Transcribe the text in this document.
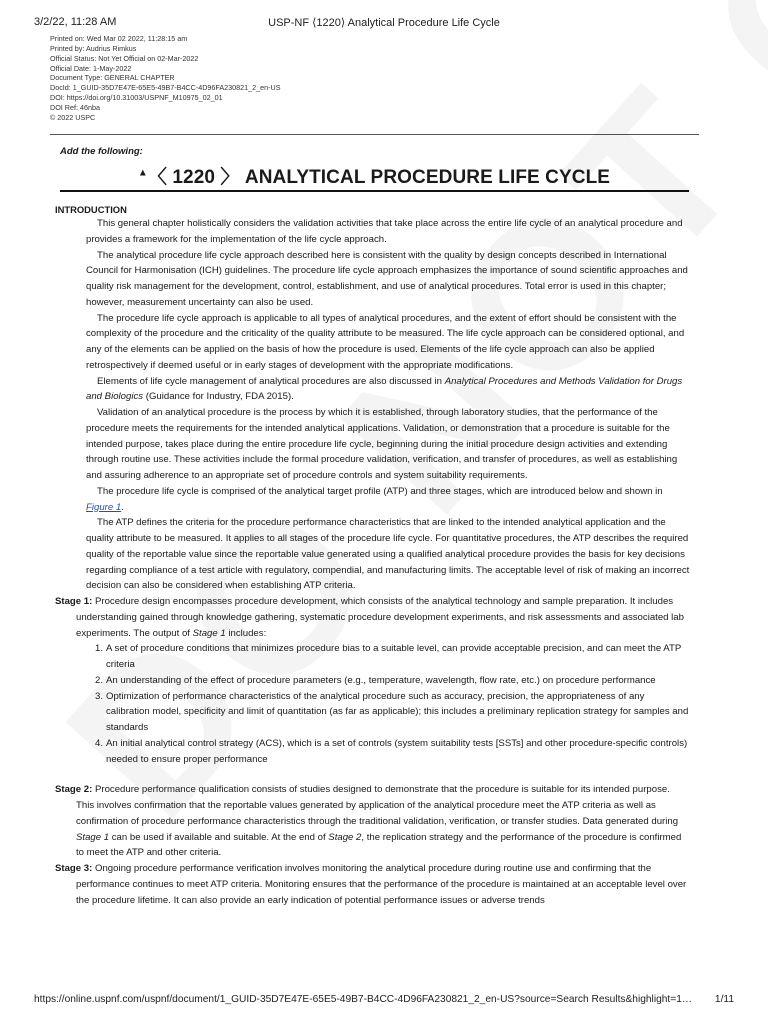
3/2/22, 11:28 AM	USP-NF ⟨1220⟩ Analytical Procedure Life Cycle
Printed on: Wed Mar 02 2022, 11:28:15 am
Printed by: Audrius Rimkus
Official Status: Not Yet Official on 02-Mar-2022
Official Date: 1-May-2022
Document Type: GENERAL CHAPTER
DocId: 1_GUID-35D7E47E-65E5-49B7-B4CC-4D96FA230821_2_en-US
DOI: https://doi.org/10.31003/USPNF_M10975_02_01
DOI Ref: 46nba
© 2022 USPC
Add the following:
▲〈 1220 〉 ANALYTICAL PROCEDURE LIFE CYCLE
INTRODUCTION

This general chapter holistically considers the validation activities that take place across the entire life cycle of an analytical procedure and provides a framework for the implementation of the life cycle approach.

The analytical procedure life cycle approach described here is consistent with the quality by design concepts described in International Council for Harmonisation (ICH) guidelines. The procedure life cycle approach emphasizes the importance of sound scientific approaches and quality risk management for the development, control, establishment, and use of analytical procedures. Total error is used in this chapter; however, measurement uncertainty can also be used.

The procedure life cycle approach is applicable to all types of analytical procedures, and the extent of effort should be consistent with the complexity of the procedure and the criticality of the quality attribute to be measured. The life cycle approach can be considered optional, and any of the elements can be applied on the basis of how the procedure is used. Elements of the life cycle approach can also be applied retrospectively if deemed useful or in early stages of development with the appropriate modifications.

Elements of life cycle management of analytical procedures are also discussed in Analytical Procedures and Methods Validation for Drugs and Biologics (Guidance for Industry, FDA 2015).

Validation of an analytical procedure is the process by which it is established, through laboratory studies, that the performance of the procedure meets the requirements for the intended analytical applications. Validation, or demonstration that a procedure is suitable for the intended purpose, takes place during the entire procedure life cycle, beginning during the initial procedure design activities and extending through routine use. These activities include the formal procedure validation, verification, and transfer of procedures, as well as establishing and assuring adherence to an appropriate set of procedure controls and system suitability requirements.

The procedure life cycle is comprised of the analytical target profile (ATP) and three stages, which are introduced below and shown in Figure 1.

The ATP defines the criteria for the procedure performance characteristics that are linked to the intended analytical application and the quality attribute to be measured. It applies to all stages of the procedure life cycle. For quantitative procedures, the ATP describes the required quality of the reportable value since the reportable value generated using a qualified analytical procedure provides the basis for key decisions regarding compliance of a test article with regulatory, compendial, and manufacturing limits. The acceptable level of risk of making an incorrect decision can also be considered when establishing ATP criteria.

Stage 1: Procedure design encompasses procedure development, which consists of the analytical technology and sample preparation. It includes understanding gained through knowledge gathering, systematic procedure development experiments, and risk assessments and associated lab experiments. The output of Stage 1 includes:

1. A set of procedure conditions that minimizes procedure bias to a suitable level, can provide acceptable precision, and can meet the ATP criteria
2. An understanding of the effect of procedure parameters (e.g., temperature, wavelength, flow rate, etc.) on procedure performance
3. Optimization of performance characteristics of the analytical procedure such as accuracy, precision, the appropriateness of any calibration model, specificity and limit of quantitation (as far as applicable); this includes a preliminary replication strategy for samples and standards
4. An initial analytical control strategy (ACS), which is a set of controls (system suitability tests [SSTs] and other procedure-specific controls) needed to ensure proper performance

Stage 2: Procedure performance qualification consists of studies designed to demonstrate that the procedure is suitable for its intended purpose. This involves confirmation that the reportable values generated by application of the analytical procedure meet the ATP criteria as well as confirmation of procedure performance characteristics through the traditional validation, verification, or transfer studies. Data generated during Stage 1 can be used if available and suitable. At the end of Stage 2, the replication strategy and the performance of the procedure is confirmed to meet the ATP and other criteria.

Stage 3: Ongoing procedure performance verification involves monitoring the analytical procedure during routine use and confirming that the performance continues to meet ATP criteria. Monitoring ensures that the performance of the procedure is maintained at an acceptable level over the procedure lifetime. It can also provide an early indication of potential performance issues or adverse trends

https://online.uspnf.com/uspnf/document/1_GUID-35D7E47E-65E5-49B7-B4CC-4D96FA230821_2_en-US?source=Search Results&highlight=1… 1/11
